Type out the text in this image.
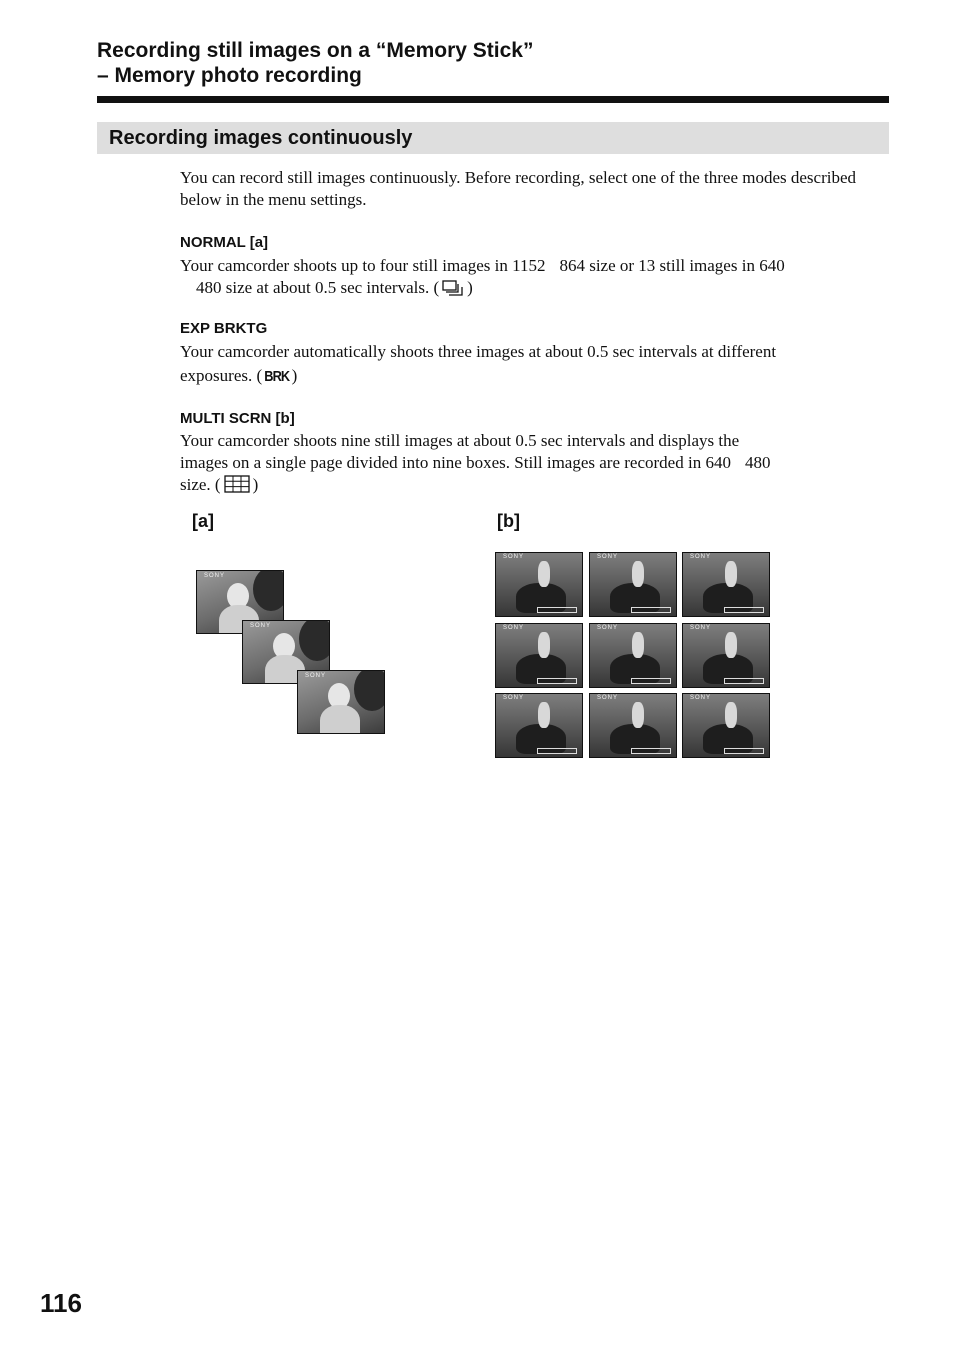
Recording still images on a “Memory Stick”
– Memory photo recording
Recording images continuously
You can record still images continuously. Before recording, select one of the three modes described below in the menu settings.
NORMAL [a]
Your camcorder shoots up to four still images in 1152 864 size or 13 still images in 640
480 size at about 0.5 sec intervals. ( )
EXP BRKTG
Your camcorder automatically shoots three images at about 0.5 sec intervals at different
exposures. ( BRK )
MULTI SCRN [b]
Your camcorder shoots nine still images at about 0.5 sec intervals and displays the
images on a single page divided into nine boxes. Still images are recorded in 640 480
size. ( )
[a]	[b]
SONY
SONY
SONY
SONY	SONY	SONY
SONY	SONY	SONY
SONY	SONY	SONY
116
